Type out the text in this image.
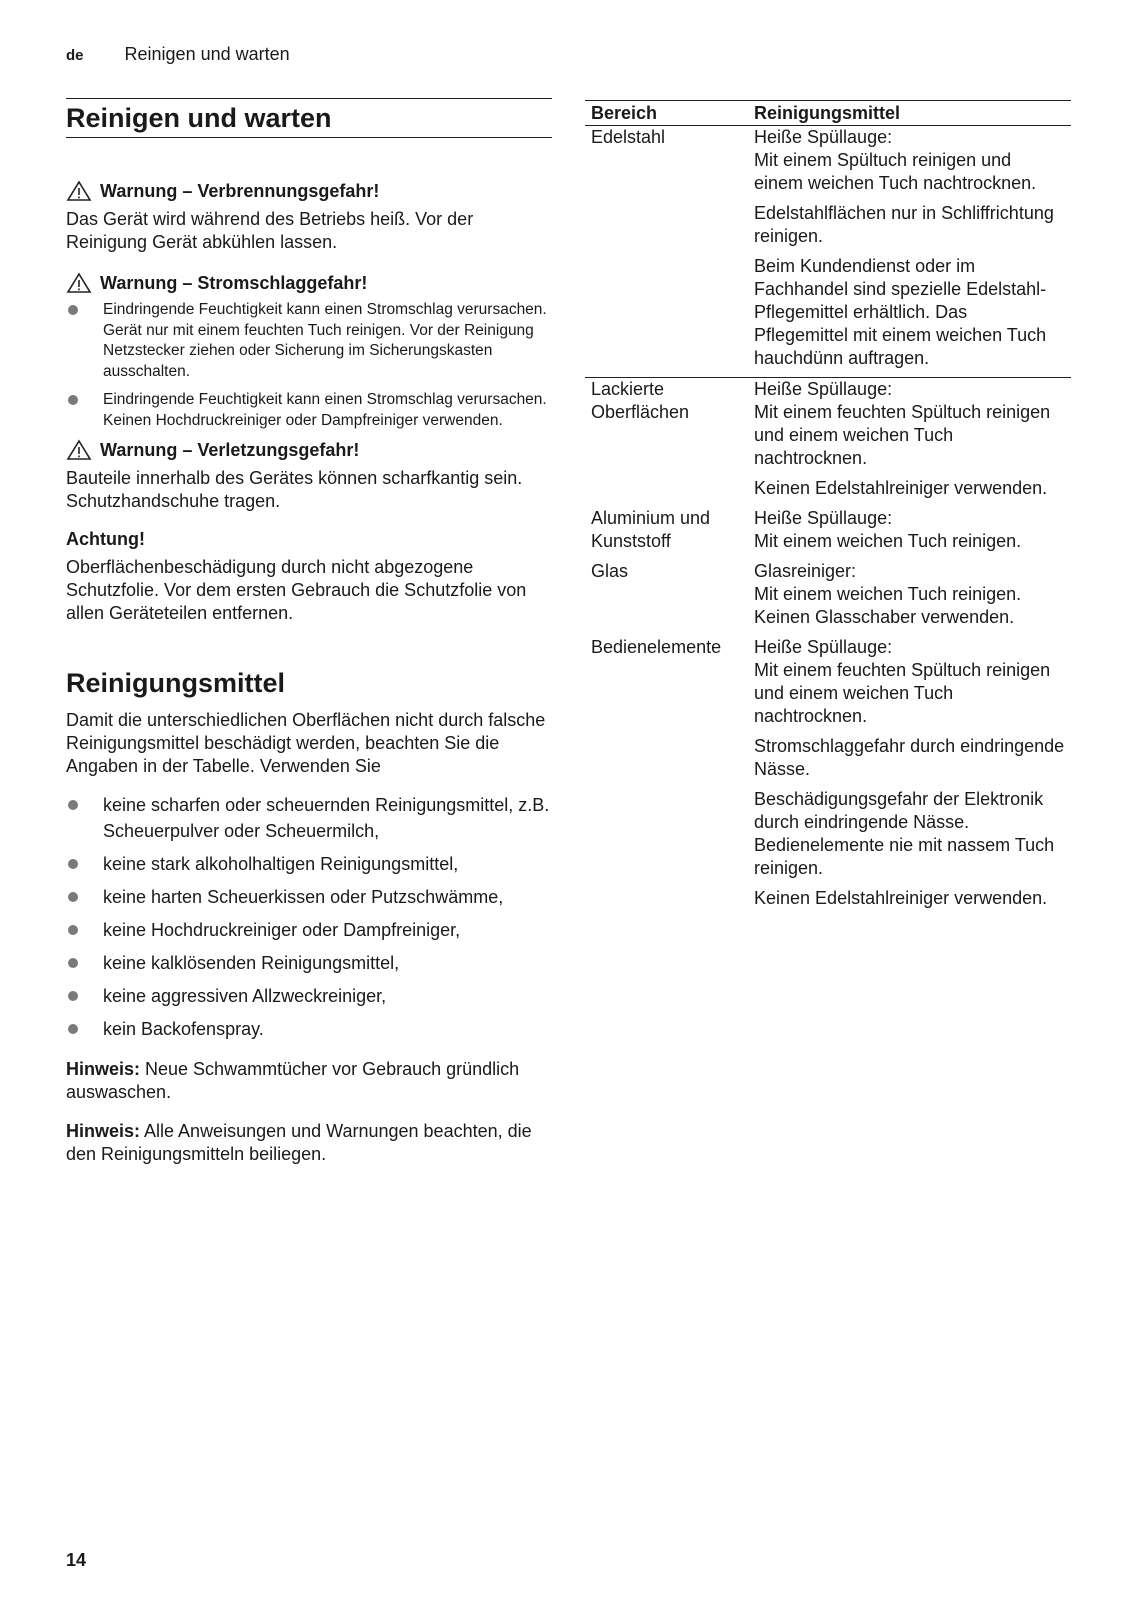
de Reinigen und warten
Reinigen und warten
Warnung – Verbrennungsgefahr!

Das Gerät wird während des Betriebs heiß. Vor der Reinigung Gerät abkühlen lassen.

Warnung – Stromschlaggefahr!
Eindringende Feuchtigkeit kann einen Stromschlag verursachen. Gerät nur mit einem feuchten Tuch reinigen. Vor der Reinigung Netzstecker ziehen oder Sicherung im Sicherungskasten ausschalten.
Eindringende Feuchtigkeit kann einen Stromschlag verursachen. Keinen Hochdruckreiniger oder Dampfreiniger verwenden.
Warnung – Verletzungsgefahr!

Bauteile innerhalb des Gerätes können scharfkantig sein. Schutzhandschuhe tragen.

Achtung!

Oberflächenbeschädigung durch nicht abgezogene Schutzfolie. Vor dem ersten Gebrauch die Schutzfolie von allen Geräteteilen entfernen.

Reinigungsmittel

Damit die unterschiedlichen Oberflächen nicht durch falsche Reinigungsmittel beschädigt werden, beachten Sie die Angaben in der Tabelle. Verwenden Sie

keine scharfen oder scheuernden Reinigungsmittel, z.B. Scheuerpulver oder Scheuermilch,
keine stark alkoholhaltigen Reinigungsmittel,
keine harten Scheuerkissen oder Putzschwämme,
keine Hochdruckreiniger oder Dampfreiniger,
keine kalklösenden Reinigungsmittel,
keine aggressiven Allzweckreiniger,
kein Backofenspray.

Hinweis: Neue Schwammtücher vor Gebrauch gründlich auswaschen.

Hinweis: Alle Anweisungen und Warnungen beachten, die den Reinigungsmitteln beiliegen.

Bereich	Reinigungsmittel
Edelstahl	Heiße Spüllauge:
Mit einem Spültuch reinigen und einem weichen Tuch nachtrocknen.
Edelstahlflächen nur in Schliffrichtung reinigen.
Beim Kundendienst oder im Fachhandel sind spezielle Edelstahl-Pflegemittel erhältlich. Das Pflegemittel mit einem weichen Tuch hauchdünn auftragen.

Lackierte Oberflächen	Heiße Spüllauge:
Mit einem feuchten Spültuch reinigen und einem weichen Tuch nachtrocknen.
Keinen Edelstahlreiniger verwenden.

Aluminium und Kunststoff	Heiße Spüllauge:
Mit einem weichen Tuch reinigen.

Glas	Glasreiniger:
Mit einem weichen Tuch reinigen. Keinen Glasschaber verwenden.

Bedienelemente	Heiße Spüllauge:
Mit einem feuchten Spültuch reinigen und einem weichen Tuch nachtrocknen.
Stromschlaggefahr durch eindringende Nässe.
Beschädigungsgefahr der Elektronik durch eindringende Nässe. Bedienelemente nie mit nassem Tuch reinigen.
Keinen Edelstahlreiniger verwenden.
14
